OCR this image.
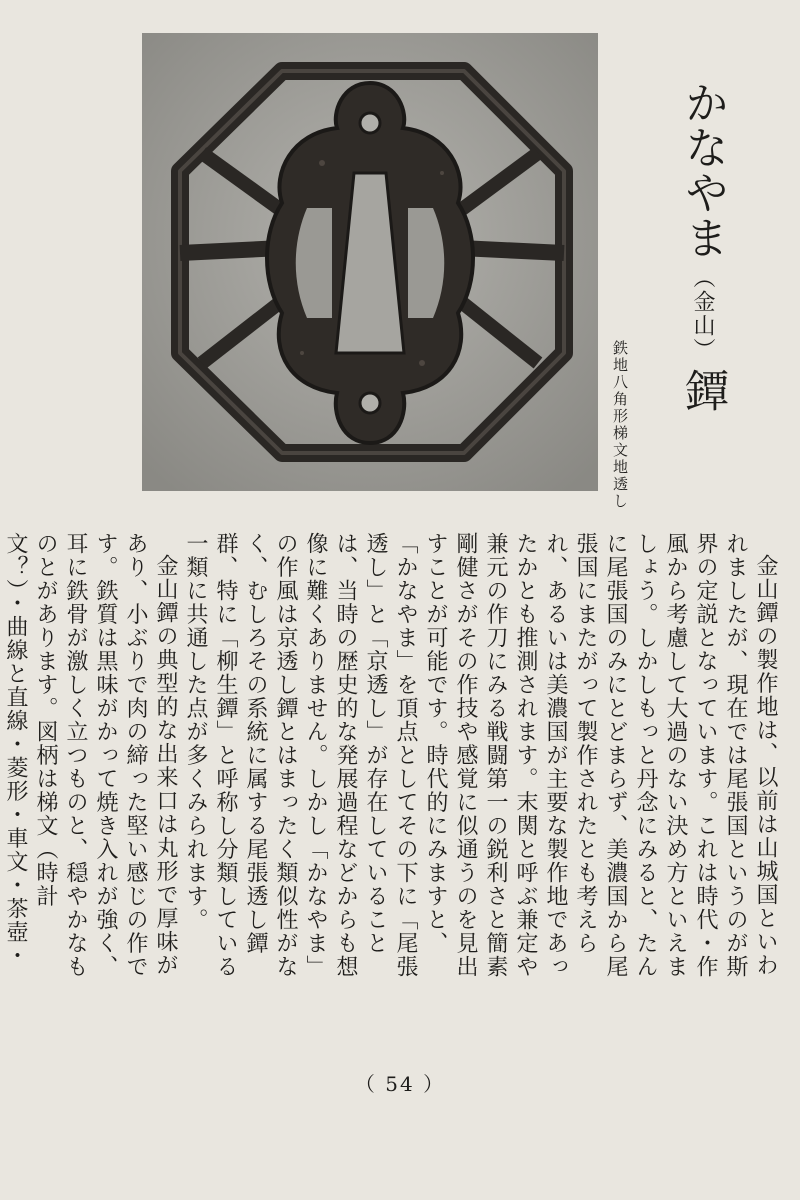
かなやま（金山）鐔
鉄地八角形梯文地透し

金山鐔の製作地は、以前は山城国といわれましたが、現在では尾張国というのが斯界の定説となっています。これは時代・作風から考慮して大過のない決め方といえましょう。しかしもっと丹念にみると、たんに尾張国のみにとどまらず、美濃国から尾張国にまたがって製作されたとも考えられ、あるいは美濃国が主要な製作地であったかとも推測されます。末関と呼ぶ兼定や兼元の作刀にみる戦闘第一の鋭利さと簡素剛健さがその作技や感覚に似通うのを見出すことが可能です。時代的にみますと、「かなやま」を頂点としてその下に「尾張透し」と「京透し」が存在していることは、当時の歴史的な発展過程などからも想像に難くありません。しかし「かなやま」の作風は京透し鐔とはまったく類似性がなく、むしろその系統に属する尾張透し鐔群、特に「柳生鐔」と呼称し分類している一類に共通した点が多くみられます。

金山鐔の典型的な出来口は丸形で厚味があり、小ぶりで肉の締った堅い感じの作です。鉄質は黒味がかって焼き入れが強く、耳に鉄骨が激しく立つものと、穏やかなものとがあります。図柄は梯文（時計文？）・曲線と直線・菱形・車文・茶壺・

（ 54 ）
